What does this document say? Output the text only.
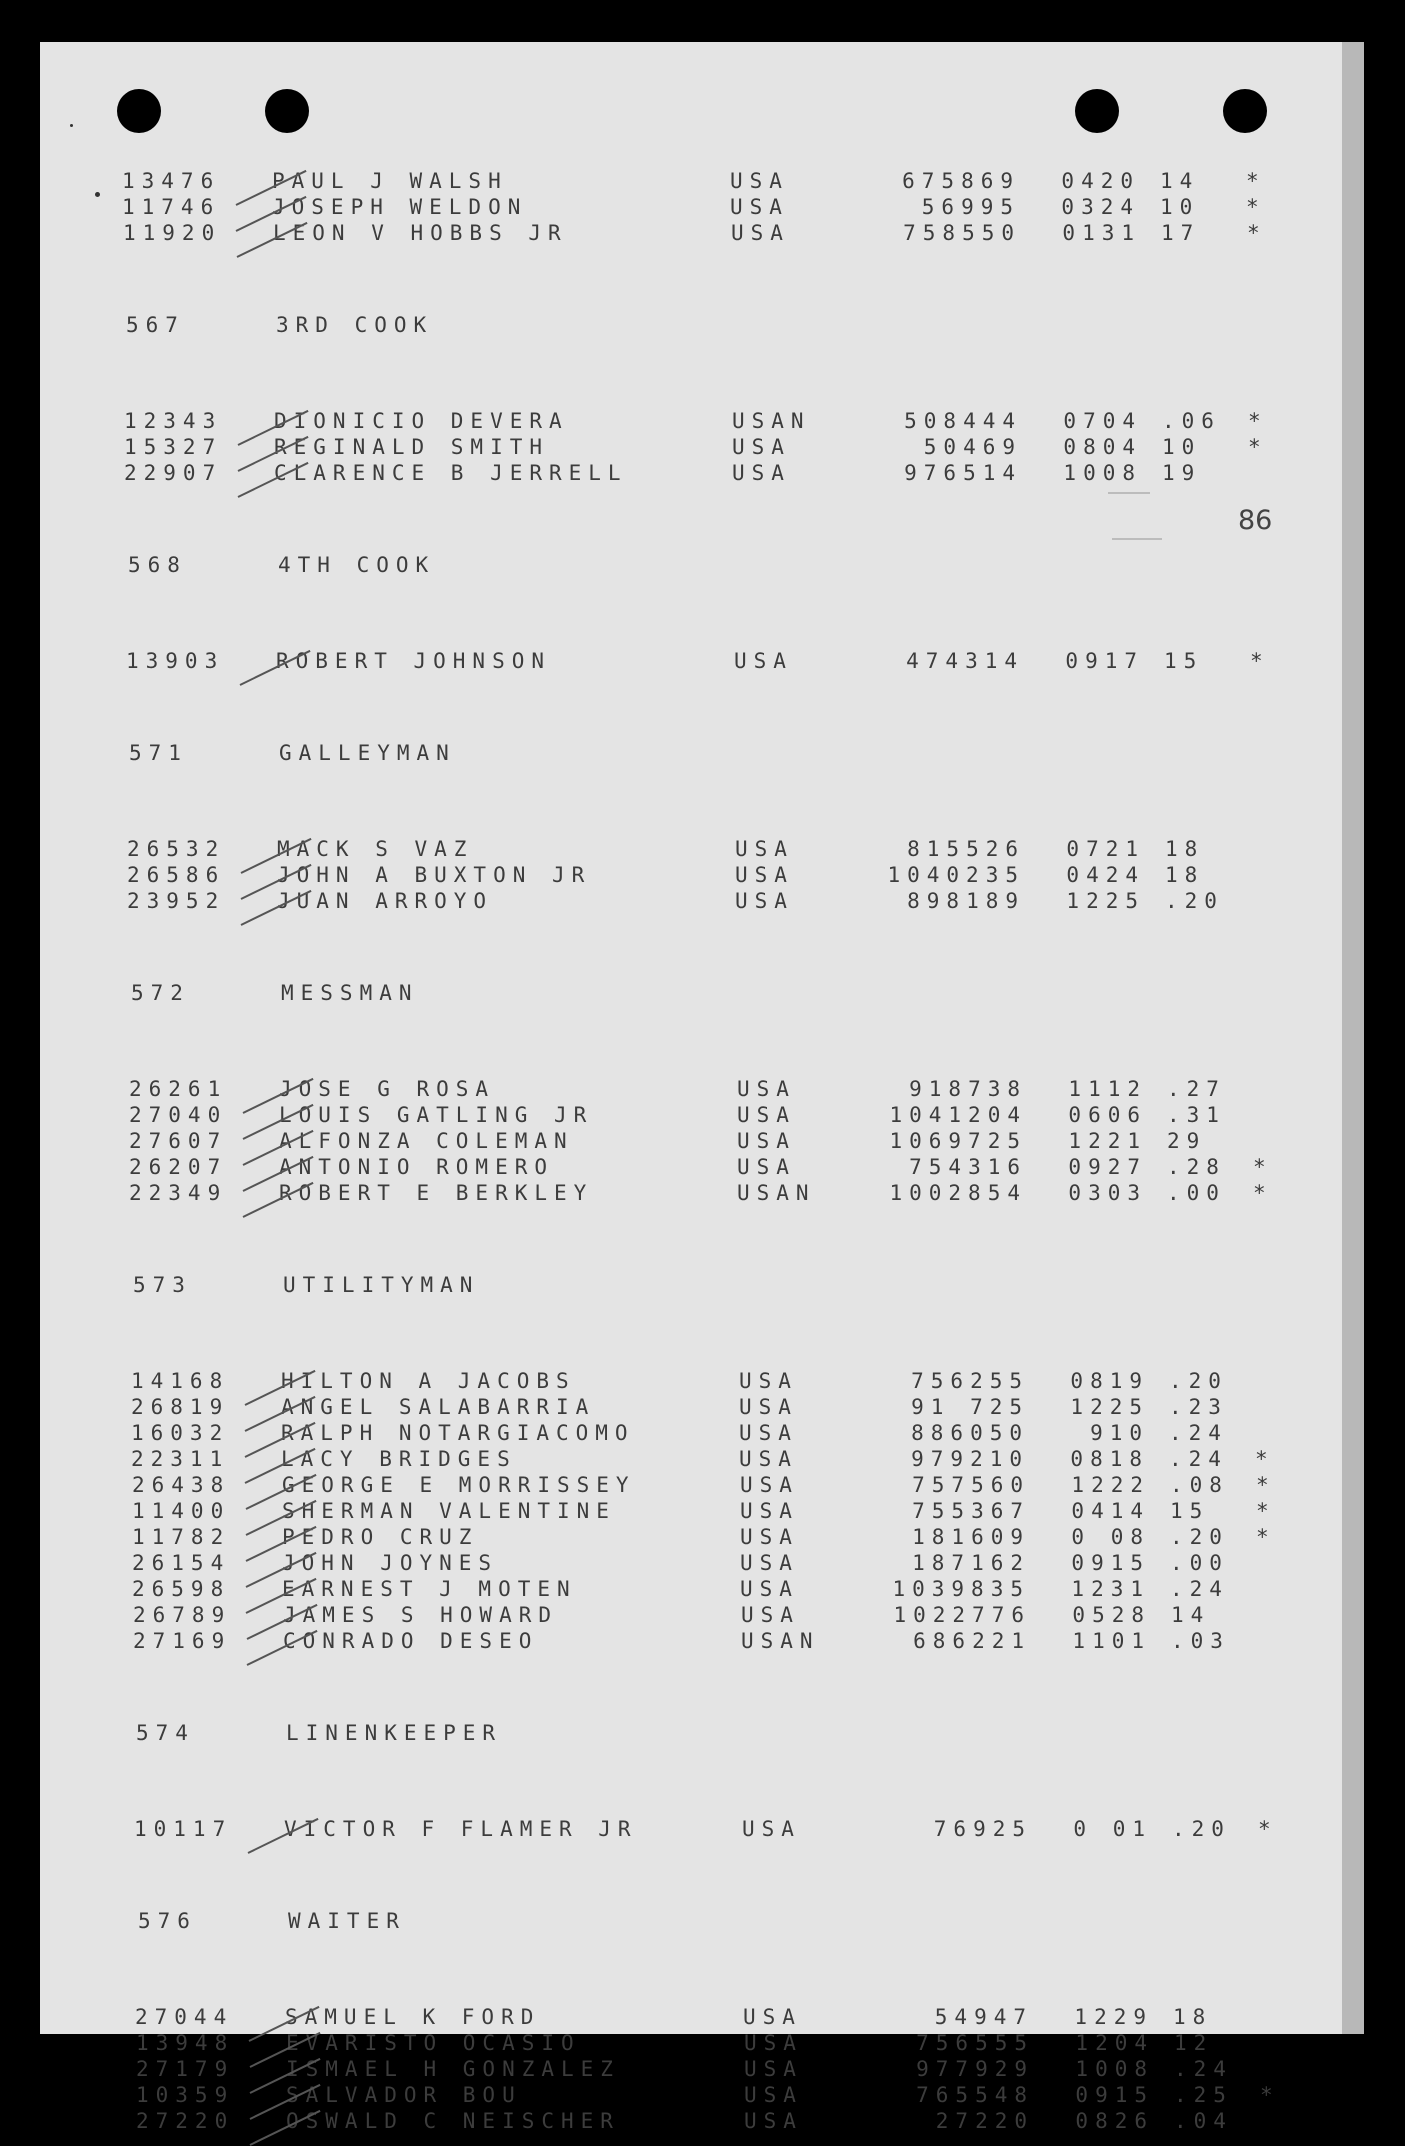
86
13476 PAUL J WALSH	USA	675869	0420 14 *
11746 JOSEPH WELDON	USA	56995	0324 10 *
11920 LEON V HOBBS JR	USA	758550	0131 17 *
567	3RD COOK
12343 DIONICIO DEVERA	USAN	508444	0704 .06 *
15327 REGINALD SMITH	USA	50469	0804 10 *
22907 CLARENCE B JERRELL	USA	976514	1008 19
568	4TH COOK
13903 ROBERT JOHNSON	USA	474314	0917 15 *
571	GALLEYMAN
26532 MACK S VAZ	USA	815526	0721 18
26586 JOHN A BUXTON JR	USA	1040235	0424 18
23952 JUAN ARROYO	USA	898189	1225 .20
572	MESSMAN
26261 JOSE G ROSA	USA	918738	1112 .27
27040 LOUIS GATLING JR	USA	1041204	0606 .31
27607 ALFONZA COLEMAN	USA	1069725	1221 29
26207 ANTONIO ROMERO	USA	754316	0927 .28 *
22349 ROBERT E BERKLEY	USAN	1002854	0303 .00 *
573	UTILITYMAN
14168 HILTON A JACOBS	USA	756255	0819 .20
26819 ANGEL SALABARRIA	USA	91 725	1225 .23
16032 RALPH NOTARGIACOMO	USA	886050	910 .24
22311 LACY BRIDGES	USA	979210	0818 .24 *
26438 GEORGE E MORRISSEY	USA	757560	1222 .08 *
11400 SHERMAN VALENTINE	USA	755367	0414 15 *
11782 PEDRO CRUZ	USA	181609	0 08 .20 *
26154 JOHN JOYNES	USA	187162	0915 .00
26598 EARNEST J MOTEN	USA	1039835	1231 .24
26789 JAMES S HOWARD	USA	1022776	0528 14
27169 CONRADO DESEO	USAN	686221	1101 .03
574	LINENKEEPER
10117 VICTOR F FLAMER JR	USA	76925	0 01 .20 *
576	WAITER
27044 SAMUEL K FORD	USA	54947	1229 18
13948 EVARISTO OCASIO	USA	756555	1204 12
27179 ISMAEL H GONZALEZ	USA	977929	1008 .24
10359 SALVADOR BOU	USA	765548	0915 .25 *
27220 OSWALD C NEISCHER	USA	27220	0826 .04
